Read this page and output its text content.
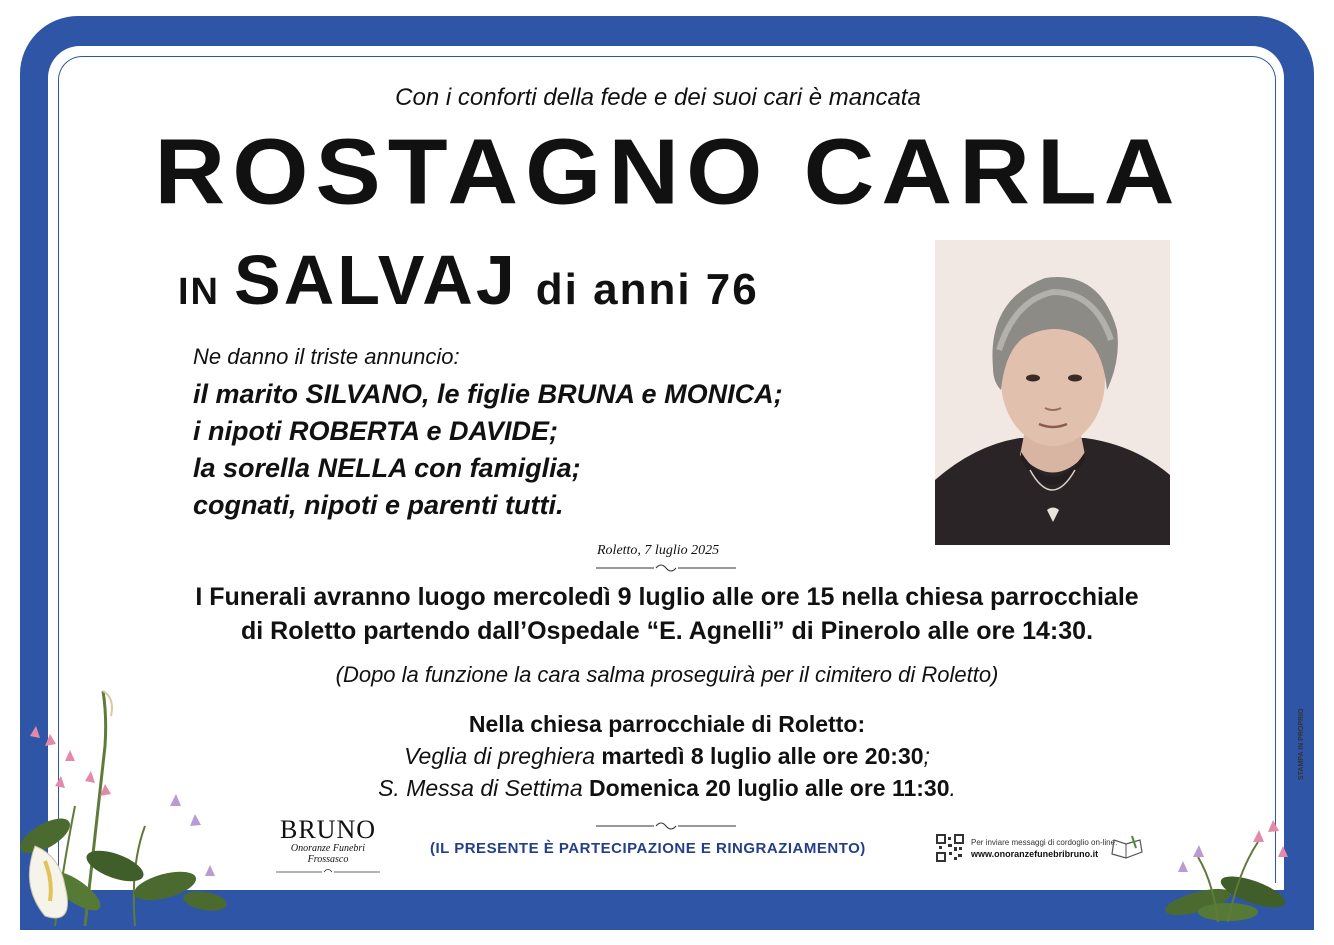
Con i conforti della fede e dei suoi cari è mancata
ROSTAGNO CARLA
IN SALVAJ di anni 76
Ne danno il triste annuncio:
il marito SILVANO, le figlie BRUNA e MONICA;
i nipoti ROBERTA e DAVIDE;
la sorella NELLA con famiglia;
cognati, nipoti e parenti tutti.
Roletto, 7 luglio 2025
I Funerali avranno luogo mercoledì 9 luglio alle ore 15 nella chiesa parrocchiale
di Roletto partendo dall’Ospedale “E. Agnelli” di Pinerolo alle ore 14:30.
(Dopo la funzione la cara salma proseguirà per il cimitero di Roletto)
Nella chiesa parrocchiale di Roletto:
Veglia di preghiera martedì 8 luglio alle ore 20:30;
S. Messa di Settima Domenica 20 luglio alle ore 11:30.
(IL PRESENTE È PARTECIPAZIONE E RINGRAZIAMENTO)
BRUNO
Onoranze Funebri Frossasco
Per inviare messaggi di cordoglio on-line:
www.onoranzefunebribruno.it
STAMPA IN PROPRIO
